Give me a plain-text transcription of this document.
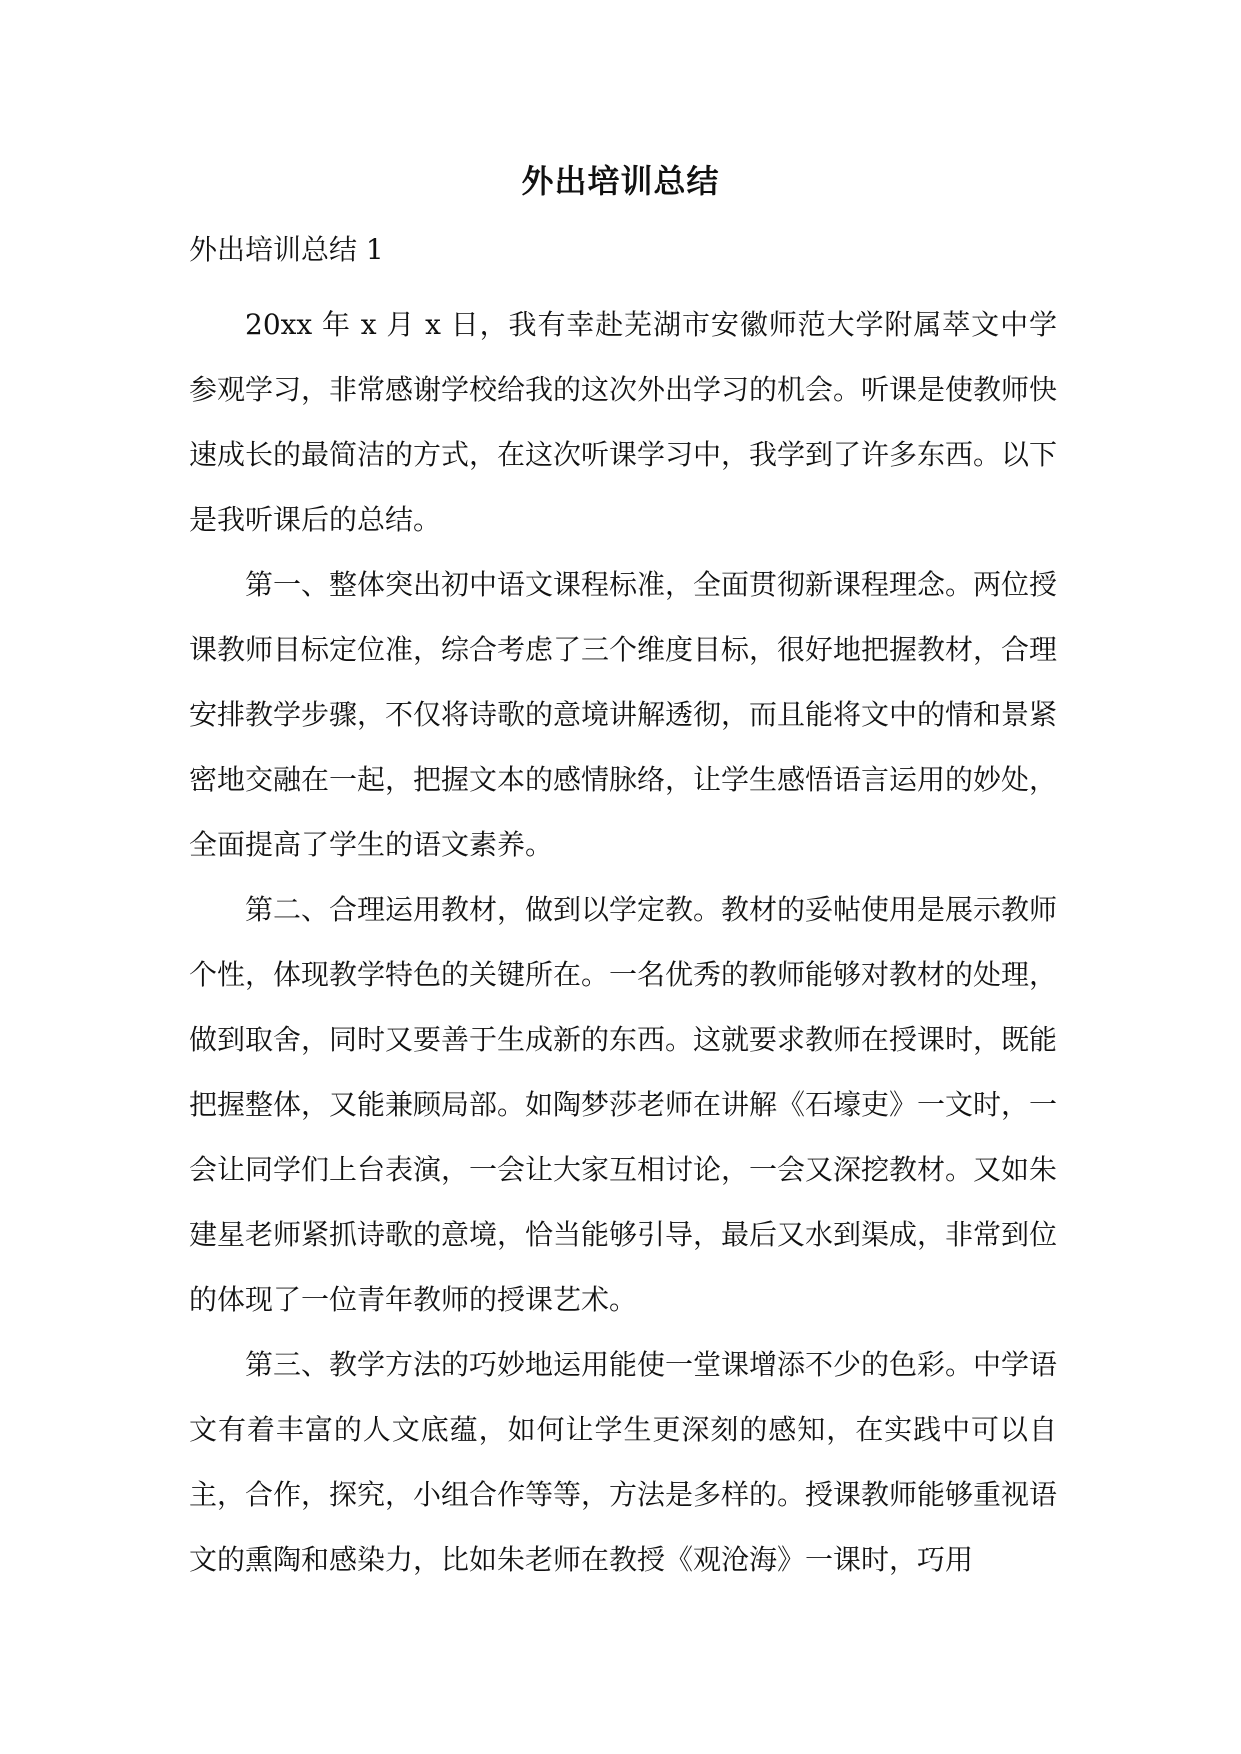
外出培训总结
外出培训总结 1

20xx 年 x 月 x 日，我有幸赴芜湖市安徽师范大学附属萃文中学参观学习，非常感谢学校给我的这次外出学习的机会。听课是使教师快速成长的最简洁的方式，在这次听课学习中，我学到了许多东西。以下是我听课后的总结。

第一、整体突出初中语文课程标准，全面贯彻新课程理念。两位授课教师目标定位准，综合考虑了三个维度目标，很好地把握教材，合理安排教学步骤，不仅将诗歌的意境讲解透彻，而且能将文中的情和景紧密地交融在一起，把握文本的感情脉络，让学生感悟语言运用的妙处，全面提高了学生的语文素养。

第二、合理运用教材，做到以学定教。教材的妥帖使用是展示教师个性，体现教学特色的关键所在。一名优秀的教师能够对教材的处理，做到取舍，同时又要善于生成新的东西。这就要求教师在授课时，既能把握整体，又能兼顾局部。如陶梦莎老师在讲解《石壕吏》一文时，一会让同学们上台表演，一会让大家互相讨论，一会又深挖教材。又如朱建星老师紧抓诗歌的意境，恰当能够引导，最后又水到渠成，非常到位的体现了一位青年教师的授课艺术。

第三、教学方法的巧妙地运用能使一堂课增添不少的色彩。中学语文有着丰富的人文底蕴，如何让学生更深刻的感知，在实践中可以自主，合作，探究，小组合作等等，方法是多样的。授课教师能够重视语文的熏陶和感染力，比如朱老师在教授《观沧海》一课时，巧用
